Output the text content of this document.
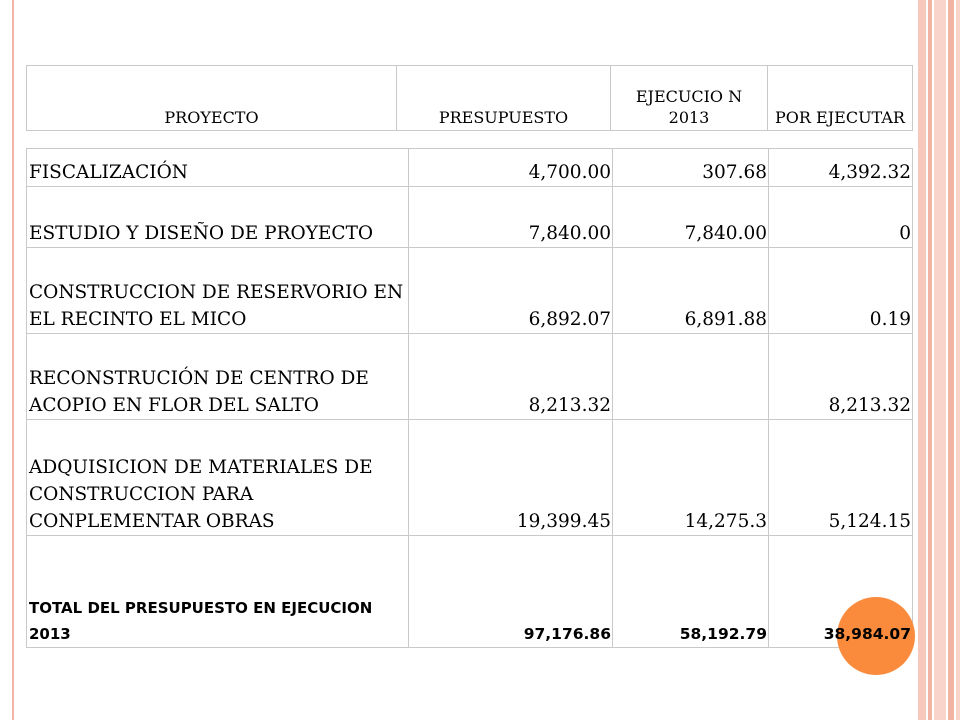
PROYECTO	PRESUPUESTO	EJECUCIO N 2013	POR EJECUTAR
FISCALIZACIÓN	4,700.00	307.68	4,392.32
ESTUDIO Y DISEÑO DE PROYECTO	7,840.00	7,840.00	0
CONSTRUCCION DE RESERVORIO EN EL RECINTO EL MICO	6,892.07	6,891.88	0.19
RECONSTRUCIÓN DE CENTRO DE ACOPIO EN FLOR DEL SALTO	8,213.32		8,213.32
ADQUISICION DE MATERIALES DE CONSTRUCCION PARA CONPLEMENTAR OBRAS	19,399.45	14,275.3	5,124.15
TOTAL DEL PRESUPUESTO EN EJECUCION 2013	97,176.86	58,192.79	38,984.07
